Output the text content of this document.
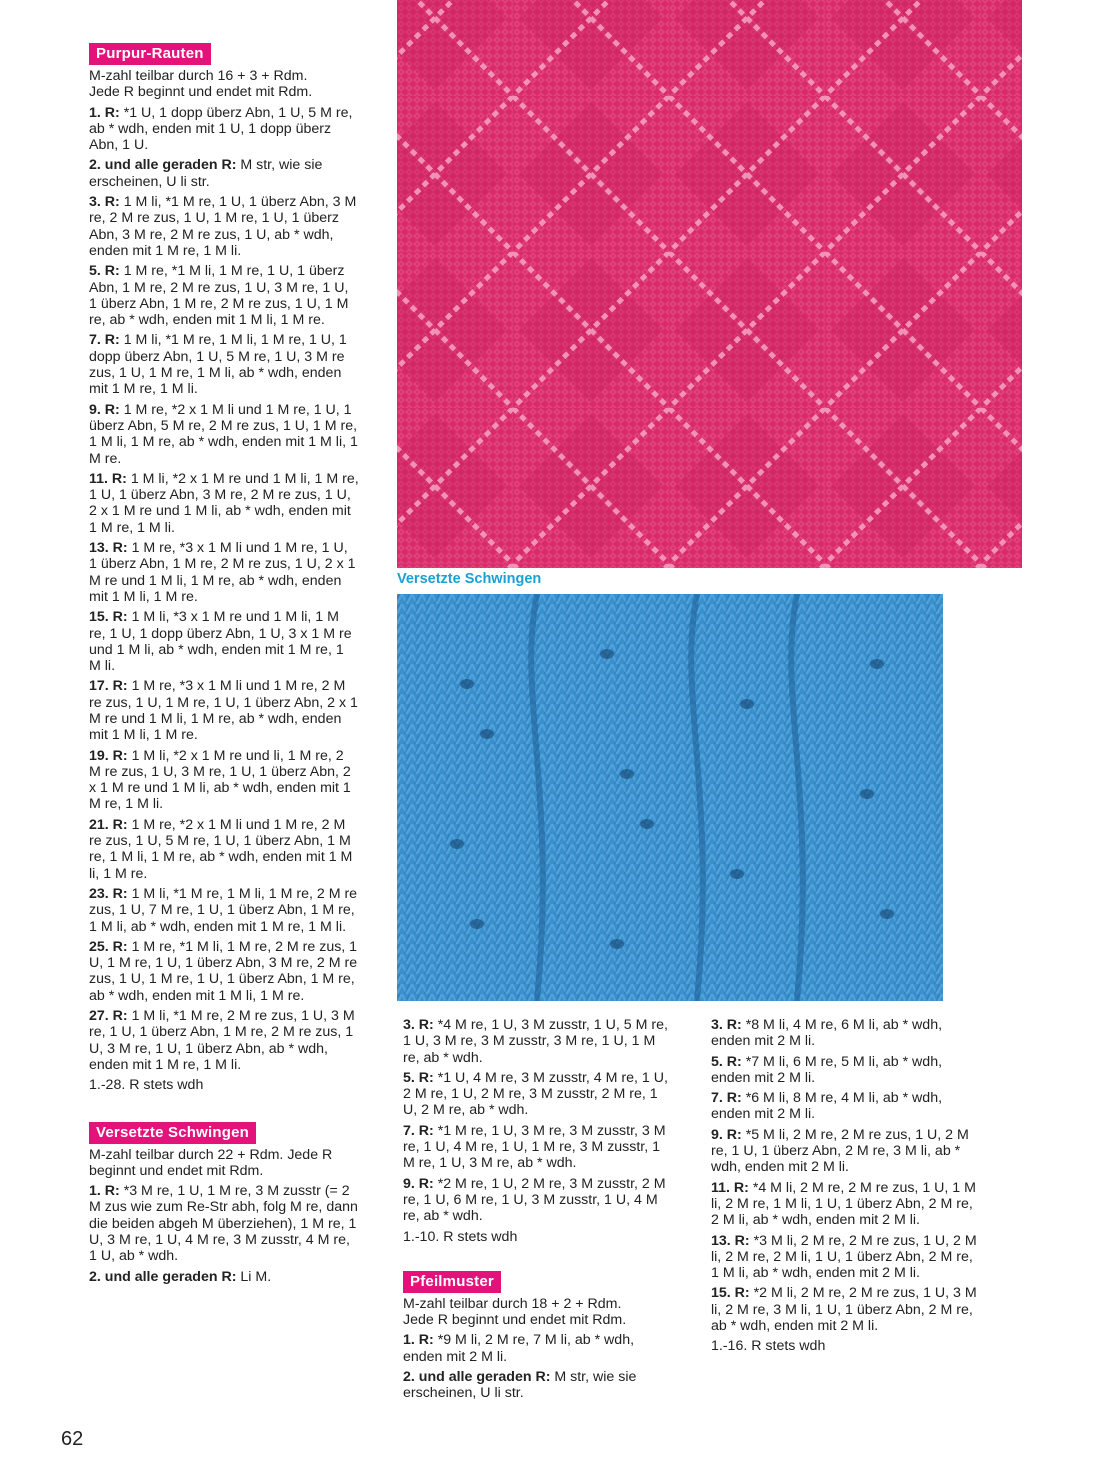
Purpur-Rauten

M-zahl teilbar durch 16 + 3 + Rdm.

Jede R beginnt und endet mit Rdm.

1. R: *1 U, 1 dopp überz Abn, 1 U, 5 M re, ab * wdh, enden mit 1 U, 1 dopp überz Abn, 1 U.

2. und alle geraden R: M str, wie sie erscheinen, U li str.

3. R: 1 M li, *1 M re, 1 U, 1 überz Abn, 3 M re, 2 M re zus, 1 U, 1 M re, 1 U, 1 überz Abn, 3 M re, 2 M re zus, 1 U, ab * wdh, enden mit 1 M re, 1 M li.

5. R: 1 M re, *1 M li, 1 M re, 1 U, 1 überz Abn, 1 M re, 2 M re zus, 1 U, 3 M re, 1 U, 1 überz Abn, 1 M re, 2 M re zus, 1 U, 1 M re, ab * wdh, enden mit 1 M li, 1 M re.

7. R: 1 M li, *1 M re, 1 M li, 1 M re, 1 U, 1 dopp überz Abn, 1 U, 5 M re, 1 U, 3 M re zus, 1 U, 1 M re, 1 M li, ab * wdh, enden mit 1 M re, 1 M li.

9. R: 1 M re, *2 x 1 M li und 1 M re, 1 U, 1 überz Abn, 5 M re, 2 M re zus, 1 U, 1 M re, 1 M li, 1 M re, ab * wdh, enden mit 1 M li, 1 M re.

11. R: 1 M li, *2 x 1 M re und 1 M li, 1 M re, 1 U, 1 überz Abn, 3 M re, 2 M re zus, 1 U, 2 x 1 M re und 1 M li, ab * wdh, enden mit 1 M re, 1 M li.

13. R: 1 M re, *3 x 1 M li und 1 M re, 1 U, 1 überz Abn, 1 M re, 2 M re zus, 1 U, 2 x 1 M re und 1 M li, 1 M re, ab * wdh, enden mit 1 M li, 1 M re.

15. R: 1 M li, *3 x 1 M re und 1 M li, 1 M re, 1 U, 1 dopp überz Abn, 1 U, 3 x 1 M re und 1 M li, ab * wdh, enden mit 1 M re, 1 M li.

17. R: 1 M re, *3 x 1 M li und 1 M re, 2 M re zus, 1 U, 1 M re, 1 U, 1 überz Abn, 2 x 1 M re und 1 M li, 1 M re, ab * wdh, enden mit 1 M li, 1 M re.

19. R: 1 M li, *2 x 1 M re und li, 1 M re, 2 M re zus, 1 U, 3 M re, 1 U, 1 überz Abn, 2 x 1 M re und 1 M li, ab * wdh, enden mit 1 M re, 1 M li.

21. R: 1 M re, *2 x 1 M li und 1 M re, 2 M re zus, 1 U, 5 M re, 1 U, 1 überz Abn, 1 M re, 1 M li, 1 M re, ab * wdh, enden mit 1 M li, 1 M re.

23. R: 1 M li, *1 M re, 1 M li, 1 M re, 2 M re zus, 1 U, 7 M re, 1 U, 1 überz Abn, 1 M re, 1 M li, ab * wdh, enden mit 1 M re, 1 M li.

25. R: 1 M re, *1 M li, 1 M re, 2 M re zus, 1 U, 1 M re, 1 U, 1 überz Abn, 3 M re, 2 M re zus, 1 U, 1 M re, 1 U, 1 überz Abn, 1 M re, ab * wdh, enden mit 1 M li, 1 M re.

27. R: 1 M li, *1 M re, 2 M re zus, 1 U, 3 M re, 1 U, 1 überz Abn, 1 M re, 2 M re zus, 1 U, 3 M re, 1 U, 1 überz Abn, ab * wdh, enden mit 1 M re, 1 M li.

1.-28. R stets wdh

Versetzte Schwingen

M-zahl teilbar durch 22 + Rdm. Jede R beginnt und endet mit Rdm.

1. R: *3 M re, 1 U, 1 M re, 3 M zusstr (= 2 M zus wie zum Re-Str abh, folg M re, dann die beiden abgeh M überziehen), 1 M re, 1 U, 3 M re, 1 U, 4 M re, 3 M zusstr, 4 M re, 1 U, ab * wdh.

2. und alle geraden R: Li M.

Versetzte Schwingen

3. R: *4 M re, 1 U, 3 M zusstr, 1 U, 5 M re, 1 U, 3 M re, 3 M zusstr, 3 M re, 1 U, 1 M re, ab * wdh.

5. R: *1 U, 4 M re, 3 M zusstr, 4 M re, 1 U, 2 M re, 1 U, 2 M re, 3 M zusstr, 2 M re, 1 U, 2 M re, ab * wdh.

7. R: *1 M re, 1 U, 3 M re, 3 M zusstr, 3 M re, 1 U, 4 M re, 1 U, 1 M re, 3 M zusstr, 1 M re, 1 U, 3 M re, ab * wdh.

9. R: *2 M re, 1 U, 2 M re, 3 M zusstr, 2 M re, 1 U, 6 M re, 1 U, 3 M zusstr, 1 U, 4 M re, ab * wdh.

1.-10. R stets wdh

Pfeilmuster

M-zahl teilbar durch 18 + 2 + Rdm.

Jede R beginnt und endet mit Rdm.

1. R: *9 M li, 2 M re, 7 M li, ab * wdh, enden mit 2 M li.

2. und alle geraden R: M str, wie sie erscheinen, U li str.

3. R: *8 M li, 4 M re, 6 M li, ab * wdh, enden mit 2 M li.

5. R: *7 M li, 6 M re, 5 M li, ab * wdh, enden mit 2 M li.

7. R: *6 M li, 8 M re, 4 M li, ab * wdh, enden mit 2 M li.

9. R: *5 M li, 2 M re, 2 M re zus, 1 U, 2 M re, 1 U, 1 überz Abn, 2 M re, 3 M li, ab * wdh, enden mit 2 M li.

11. R: *4 M li, 2 M re, 2 M re zus, 1 U, 1 M li, 2 M re, 1 M li, 1 U, 1 überz Abn, 2 M re, 2 M li, ab * wdh, enden mit 2 M li.

13. R: *3 M li, 2 M re, 2 M re zus, 1 U, 2 M li, 2 M re, 2 M li, 1 U, 1 überz Abn, 2 M re, 1 M li, ab * wdh, enden mit 2 M li.

15. R: *2 M li, 2 M re, 2 M re zus, 1 U, 3 M li, 2 M re, 3 M li, 1 U, 1 überz Abn, 2 M re, ab * wdh, enden mit 2 M li.

1.-16. R stets wdh

62
